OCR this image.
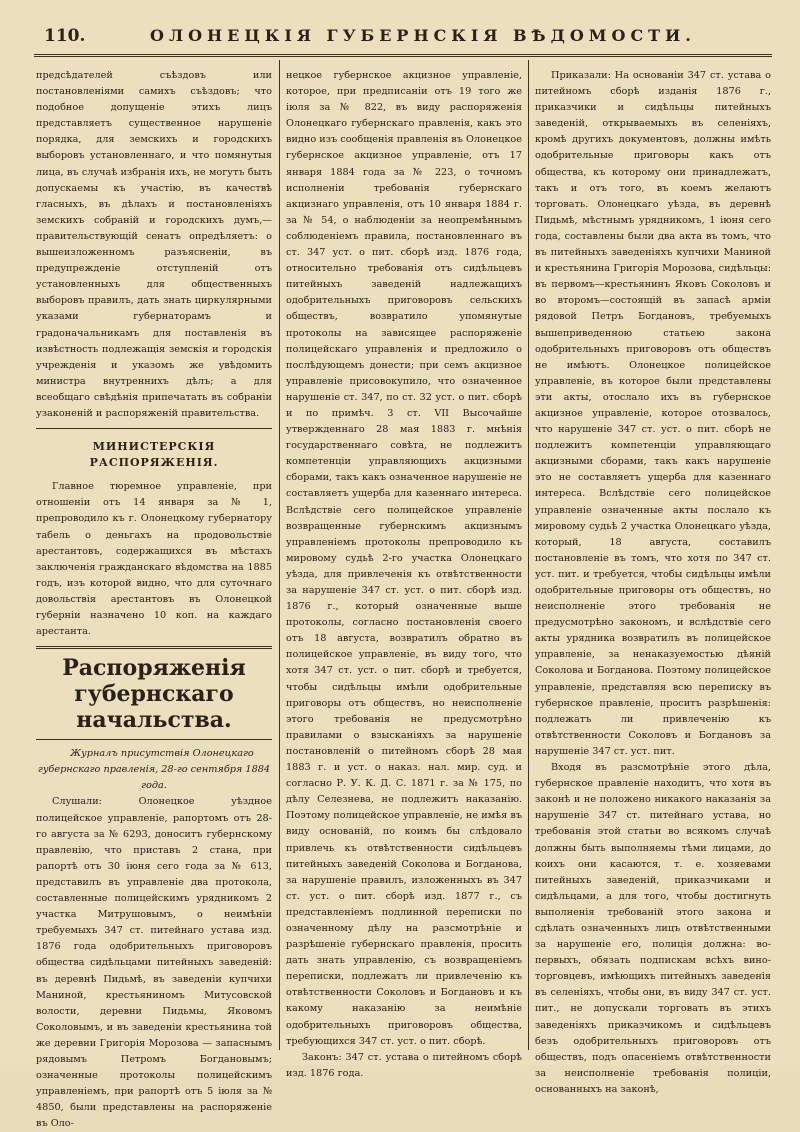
110.	ОЛОНЕЦКІЯ ГУБЕРНСКІЯ ВѢДОМОСТИ.

предсѣдателей съѣздовъ или постановленіями самихъ съѣздовъ; что подобное допущеніе этихъ лицъ представляетъ существенное нарушеніе порядка, для земскихъ и городскихъ выборовъ установленнаго, и что помянутыя лица, въ случаѣ избранія ихъ, не могутъ быть допускаемы къ участію, въ качествѣ гласныхъ, въ дѣлахъ и постановленіяхъ земскихъ собраній и городскихъ думъ,—правительствующій сенатъ опредѣляетъ: о вышеизложенномъ разъясненіи, въ предупрежденіе отступленій отъ установленныхъ для общественныхъ выборовъ правилъ, дать знать циркулярными указами губернаторамъ и градоначальникамъ для поставленія въ извѣстность подлежащія земскія и городскія учрежденія и указомъ же увѣдомить министра внутреннихъ дѣлъ; а для всеобщаго свѣдѣнія припечатать въ собраніи узаконеній и распоряженій правительства.

МИНИСТЕРСКІЯ РАСПОРЯЖЕНІЯ.

Главное тюремное управленіе, при отношеніи отъ 14 января за № 1, препроводило къ г. Олонецкому губернатору табель о деньгахъ на продовольствіе арестантовъ, содержащихся въ мѣстахъ заключенія гражданскаго вѣдомства на 1885 годъ, изъ которой видно, что для суточнаго довольствія арестантовъ въ Олонецкой губерніи назначено 10 коп. на каждаго арестанта.

Распоряженія губернскаго начальства.

Журналъ присутствія Олонецкаго губернскаго правленія, 28-го сентября 1884 года.

Слушали: Олонецкое уѣздное полицейское управленіе, рапортомъ отъ 28-го августа за № 6293, доноситъ губернскому правленію, что приставъ 2 стана, при рапортѣ отъ 30 іюня сего года за № 613, представилъ въ управленіе два протокола, составленные полицейскимъ урядникомъ 2 участка Митрушовымъ, о неимѣніи требуемыхъ 347 ст. питейнаго устава изд. 1876 года одобрительныхъ приговоровъ общества сидѣльцами питейныхъ заведеній: въ деревнѣ Пидьмѣ, въ заведеніи купчихи Маниной, крестьяниномъ Митусовской волости, деревни Пидьмы, Яковомъ Соколовымъ, и въ заведеніи крестьянина той же деревни Григорія Морозова — запаснымъ рядовымъ Петромъ Богдановымъ; означенные протоколы полицейскимъ управленіемъ, при рапортѣ отъ 5 іюля за № 4850, были представлены на распоряженіе въ Оло-

нецкое губернское акцизное управленіе, которое, при предписаніи отъ 19 того же іюля за № 822, въ виду распоряженія Олонецкаго губернскаго правленія, какъ это видно изъ сообщенія правленія въ Олонецкое губернское акцизное управленіе, отъ 17 января 1884 года за № 223, о точномъ исполненіи требованія губернскаго акцизнаго управленія, отъ 10 января 1884 г. за № 54, о наблюденіи за неопремѣннымъ соблюденіемъ правила, постановленнаго въ ст. 347 уст. о пит. сборѣ изд. 1876 года, относительно требованія отъ сидѣльцевъ питейныхъ заведеній надлежащихъ одобрительныхъ приговоровъ сельскихъ обществъ, возвратило упомянутые протоколы на зависящее распоряженіе полицейскаго управленія и предложило о послѣдующемъ донести; при семъ акцизное управленіе присовокупило, что означенное нарушеніе ст. 347, по ст. 32 уст. о пит. сборѣ и по примѣч. 3 ст. VII Высочайше утвержденнаго 28 мая 1883 г. мнѣнія государственнаго совѣта, не подлежитъ компетенціи управляющихъ акцизными сборами, такъ какъ означенное нарушеніе не составляетъ ущерба для казеннаго интереса. Вслѣдствіе сего полицейское управленіе возвращенные губернскимъ акцизнымъ управленіемъ протоколы препроводило къ мировому судьѣ 2-го участка Олонецкаго уѣзда, для привлеченія къ отвѣтственности за нарушеніе 347 ст. уст. о пит. сборѣ изд. 1876 г., который означенные выше протоколы, согласно постановленія своего отъ 18 августа, возвратилъ обратно въ полицейское управленіе, въ виду того, что хотя 347 ст. уст. о пит. сборѣ и требуется, чтобы сидѣльцы имѣли одобрительные приговоры отъ обществъ, но неисполненіе этого требованія не предусмотрѣно правилами о взысканіяхъ за нарушеніе постановленій о питейномъ сборѣ 28 мая 1883 г. и уст. о наказ. нал. мир. суд. и согласно Р. У. К. Д. С. 1871 г. за № 175, по дѣлу Селезнева, не подлежитъ наказанію. Поэтому полицейское управленіе, не имѣя въ виду основаній, по коимъ бы слѣдовало привлечь къ отвѣтственности сидѣльцевъ питейныхъ заведеній Соколова и Богданова, за нарушеніе правилъ, изложенныхъ въ 347 ст. уст. о пит. сборѣ изд. 1877 г., съ представленіемъ подлинной переписки по означенному дѣлу на разсмотрѣніе и разрѣшеніе губернскаго правленія, просить дать знать управленію, съ возвращеніемъ переписки, подлежатъ ли привлеченію къ отвѣтственности Соколовъ и Богдановъ и къ какому наказанію за неимѣніе одобрительныхъ приговоровъ общества, требующихся 347 ст. уст. о пит. сборѣ.

Законъ: 347 ст. устава о питейномъ сборѣ изд. 1876 года.

Приказали: На основаніи 347 ст. устава о питейномъ сборѣ изданія 1876 г., приказчики и сидѣльцы питейныхъ заведеній, открываемыхъ въ селеніяхъ, кромѣ другихъ документовъ, должны имѣть одобрительные приговоры какъ отъ общества, къ которому они принадлежатъ, такъ и отъ того, въ коемъ желаютъ торговать. Олонецкаго уѣзда, въ деревнѣ Пидьмѣ, мѣстнымъ урядникомъ, 1 іюня сего года, составлены были два акта въ томъ, что въ питейныхъ заведеніяхъ купчихи Маниной и крестьянина Григорія Морозова, сидѣльцы: въ первомъ—крестьянинъ Яковъ Соколовъ и во второмъ—состоящій въ запасѣ арміи рядовой Петръ Богдановъ, требуемыхъ вышеприведенною статьею закона одобрительныхъ приговоровъ отъ обществъ не имѣютъ. Олонецкое полицейское управленіе, въ которое были представлены эти акты, отослало ихъ въ губернское акцизное управленіе, которое отозвалось, что нарушеніе 347 ст. уст. о пит. сборѣ не подлежитъ компетенціи управляющаго акцизными сборами, такъ какъ нарушеніе это не составляетъ ущерба для казеннаго интереса. Вслѣдствіе сего полицейское управленіе означенные акты послало къ мировому судьѣ 2 участка Олонецкаго уѣзда, который, 18 августа, составилъ постановленіе въ томъ, что хотя по 347 ст. уст. пит. и требуется, чтобы сидѣльцы имѣли одобрительные приговоры отъ обществъ, но неисполненіе этого требованія не предусмотрѣно закономъ, и вслѣдствіе сего акты урядника возвратилъ въ полицейское управленіе, за ненаказуемостью дѣяній Соколова и Богданова. Поэтому полицейское управленіе, представляя всю переписку въ губернское правленіе, проситъ разрѣшенія: подлежатъ ли привлеченію къ отвѣтственности Соколовъ и Богдановъ за нарушеніе 347 ст. уст. пит.

Входя въ разсмотрѣніе этого дѣла, губернское правленіе находитъ, что хотя въ законѣ и не положено никакого наказанія за нарушеніе 347 ст. питейнаго устава, но требованія этой статьи во всякомъ случаѣ должны быть выполняемы тѣми лицами, до коихъ они касаются, т. е. хозяевами питейныхъ заведеній, приказчиками и сидѣльцами, а для того, чтобы достигнуть выполненія требованій этого закона и сдѣлать означенныхъ лицъ отвѣтственными за нарушеніе его, полиція должна: во-первыхъ, обязать подпискам всѣхъ вино-торговцевъ, имѣющихъ питейныхъ заведенія въ селеніяхъ, чтобы они, въ виду 347 ст. уст. пит., не допускали торговать въ этихъ заведеніяхъ приказчикомъ и сидѣльцевъ безъ одобрительныхъ приговоровъ отъ обществъ, подъ опасеніемъ отвѣтственности за неисполненіе требованія полиціи, основанныхъ на законѣ,
